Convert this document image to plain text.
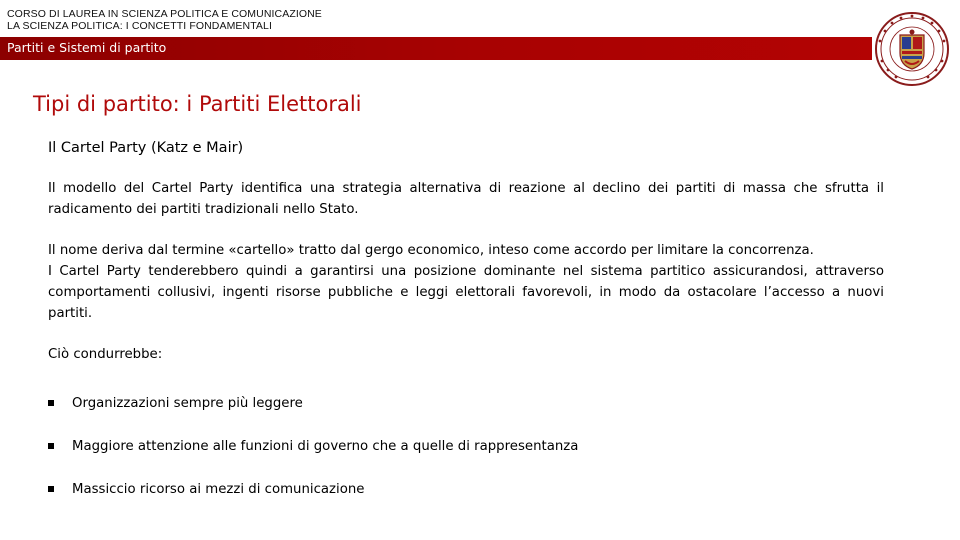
CORSO DI LAUREA IN SCIENZA POLITICA E COMUNICAZIONE
LA SCIENZA POLITICA: I CONCETTI FONDAMENTALI
Partiti e Sistemi di partito
Tipi di partito: i Partiti Elettorali
Il Cartel Party (Katz e Mair)
Il modello del Cartel Party identifica una strategia alternativa di reazione al declino dei partiti di massa che sfrutta il radicamento dei partiti tradizionali nello Stato.
Il nome deriva dal termine «cartello» tratto dal gergo economico, inteso come accordo per limitare la concorrenza.
I Cartel Party tenderebbero quindi a garantirsi una posizione dominante nel sistema partitico assicurandosi, attraverso comportamenti collusivi, ingenti risorse pubbliche e leggi elettorali favorevoli, in modo da ostacolare l’accesso a nuovi partiti.
Ciò condurrebbe:
Organizzazioni sempre più leggere
Maggiore attenzione alle funzioni di governo che a quelle di rappresentanza
Massiccio ricorso ai mezzi di comunicazione
